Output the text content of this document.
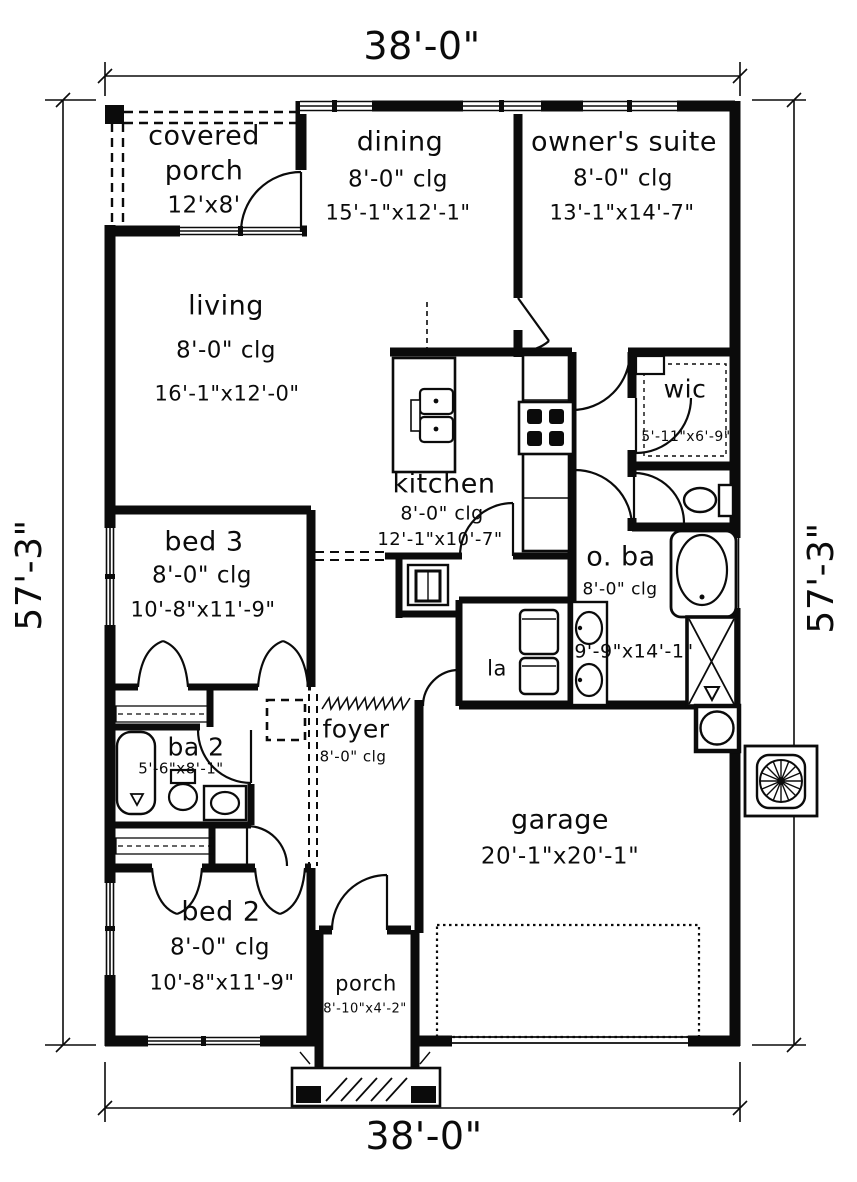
38'-0"
38'-0"
57'-3"	57'-3"
covered
porch
12'x8'
dining
8'-0" clg
15'-1"x12'-1"
owner's suite
8'-0" clg
13'-1"x14'-7"
living
8'-0" clg
16'-1"x12'-0"
kitchen
8'-0" clg
12'-1"x10'-7"
wic
5'-11"x6'-9"
bed 3
8'-0" clg
10'-8"x11'-9"
o. ba
8'-0" clg
9'-9"x14'-1"
la
ba 2
5'-6"x8'-1"
foyer
8'-0" clg
bed 2
8'-0" clg
10'-8"x11'-9"
garage
20'-1"x20'-1"
porch
8'-10"x4'-2"
